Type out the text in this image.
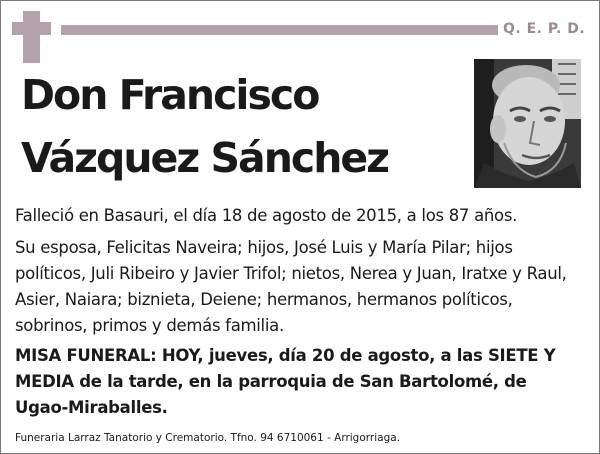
Q. E. P. D.
Don Francisco
Vázquez Sánchez
Falleció en Basauri, el día 18 de agosto de 2015, a los 87 años.
Su esposa, Felicitas Naveira; hijos, José Luis y María Pilar; hijos políticos, Juli Ribeiro y Javier Trifol; nietos, Nerea y Juan, Iratxe y Raul, Asier, Naiara; biznieta, Deiene; hermanos, hermanos políticos, sobrinos, primos y demás familia.
MISA FUNERAL: HOY, jueves, día 20 de agosto, a las SIETE Y MEDIA de la tarde, en la parroquia de San Bartolomé, de Ugao-Miraballes.
Funeraria Larraz Tanatorio y Crematorio. Tfno. 94 6710061 - Arrigorriaga.
